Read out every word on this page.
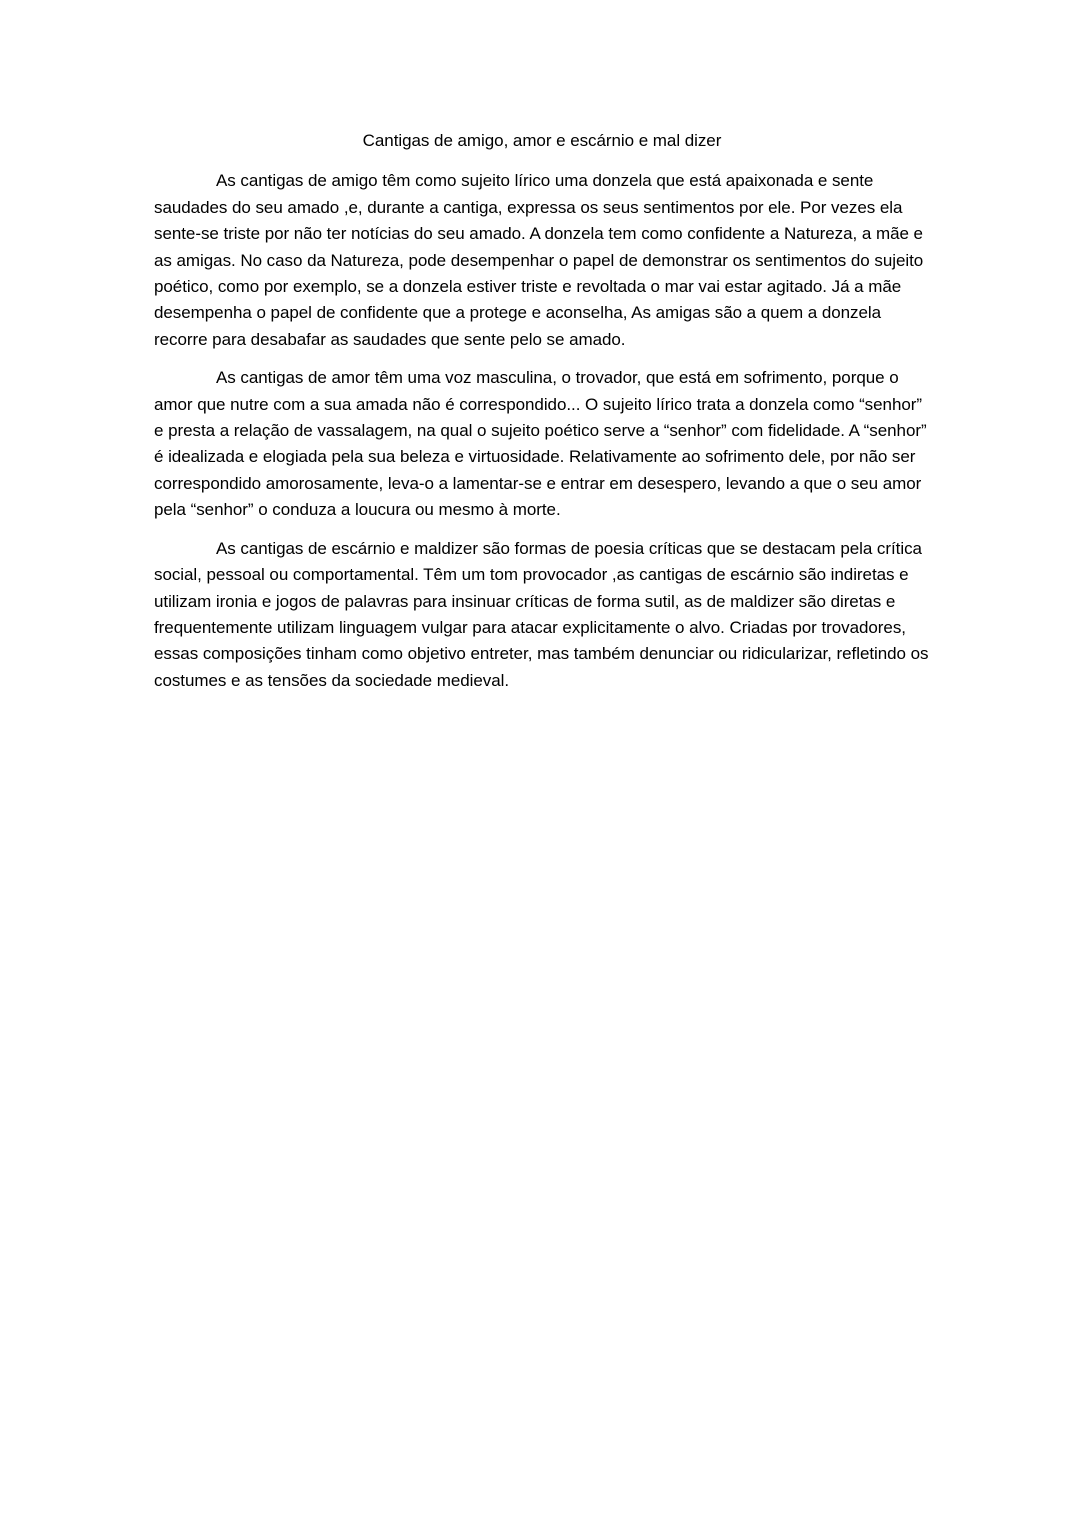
Cantigas de amigo, amor e escárnio e mal dizer

As cantigas de amigo têm como sujeito lírico uma donzela que está apaixonada e sente saudades do seu amado ,e, durante a cantiga, expressa os seus sentimentos por ele. Por vezes ela sente-se triste por não ter notícias do seu amado. A donzela tem como confidente a Natureza, a mãe e as amigas. No caso da Natureza, pode desempenhar o papel de demonstrar os sentimentos do sujeito poético, como por exemplo, se a donzela estiver triste e revoltada o mar vai estar agitado. Já a mãe desempenha o papel de confidente que a protege e aconselha, As amigas são a quem a donzela recorre para desabafar as saudades que sente pelo se amado.

As cantigas de amor têm uma voz masculina, o trovador, que está em sofrimento, porque o amor que nutre com a sua amada não é correspondido... O sujeito lírico trata a donzela como “senhor” e presta a relação de vassalagem, na qual o sujeito poético serve a “senhor” com fidelidade. A “senhor” é idealizada e elogiada pela sua beleza e virtuosidade. Relativamente ao sofrimento dele, por não ser correspondido amorosamente, leva-o a lamentar-se e entrar em desespero, levando a que o seu amor pela “senhor” o conduza a loucura ou mesmo à morte.

As cantigas de escárnio e maldizer são formas de poesia críticas que se destacam pela crítica social, pessoal ou comportamental. Têm um tom provocador ,as cantigas de escárnio são indiretas e utilizam ironia e jogos de palavras para insinuar críticas de forma sutil, as de maldizer são diretas e frequentemente utilizam linguagem vulgar para atacar explicitamente o alvo. Criadas por trovadores, essas composições tinham como objetivo entreter, mas também denunciar ou ridicularizar, refletindo os costumes e as tensões da sociedade medieval.
